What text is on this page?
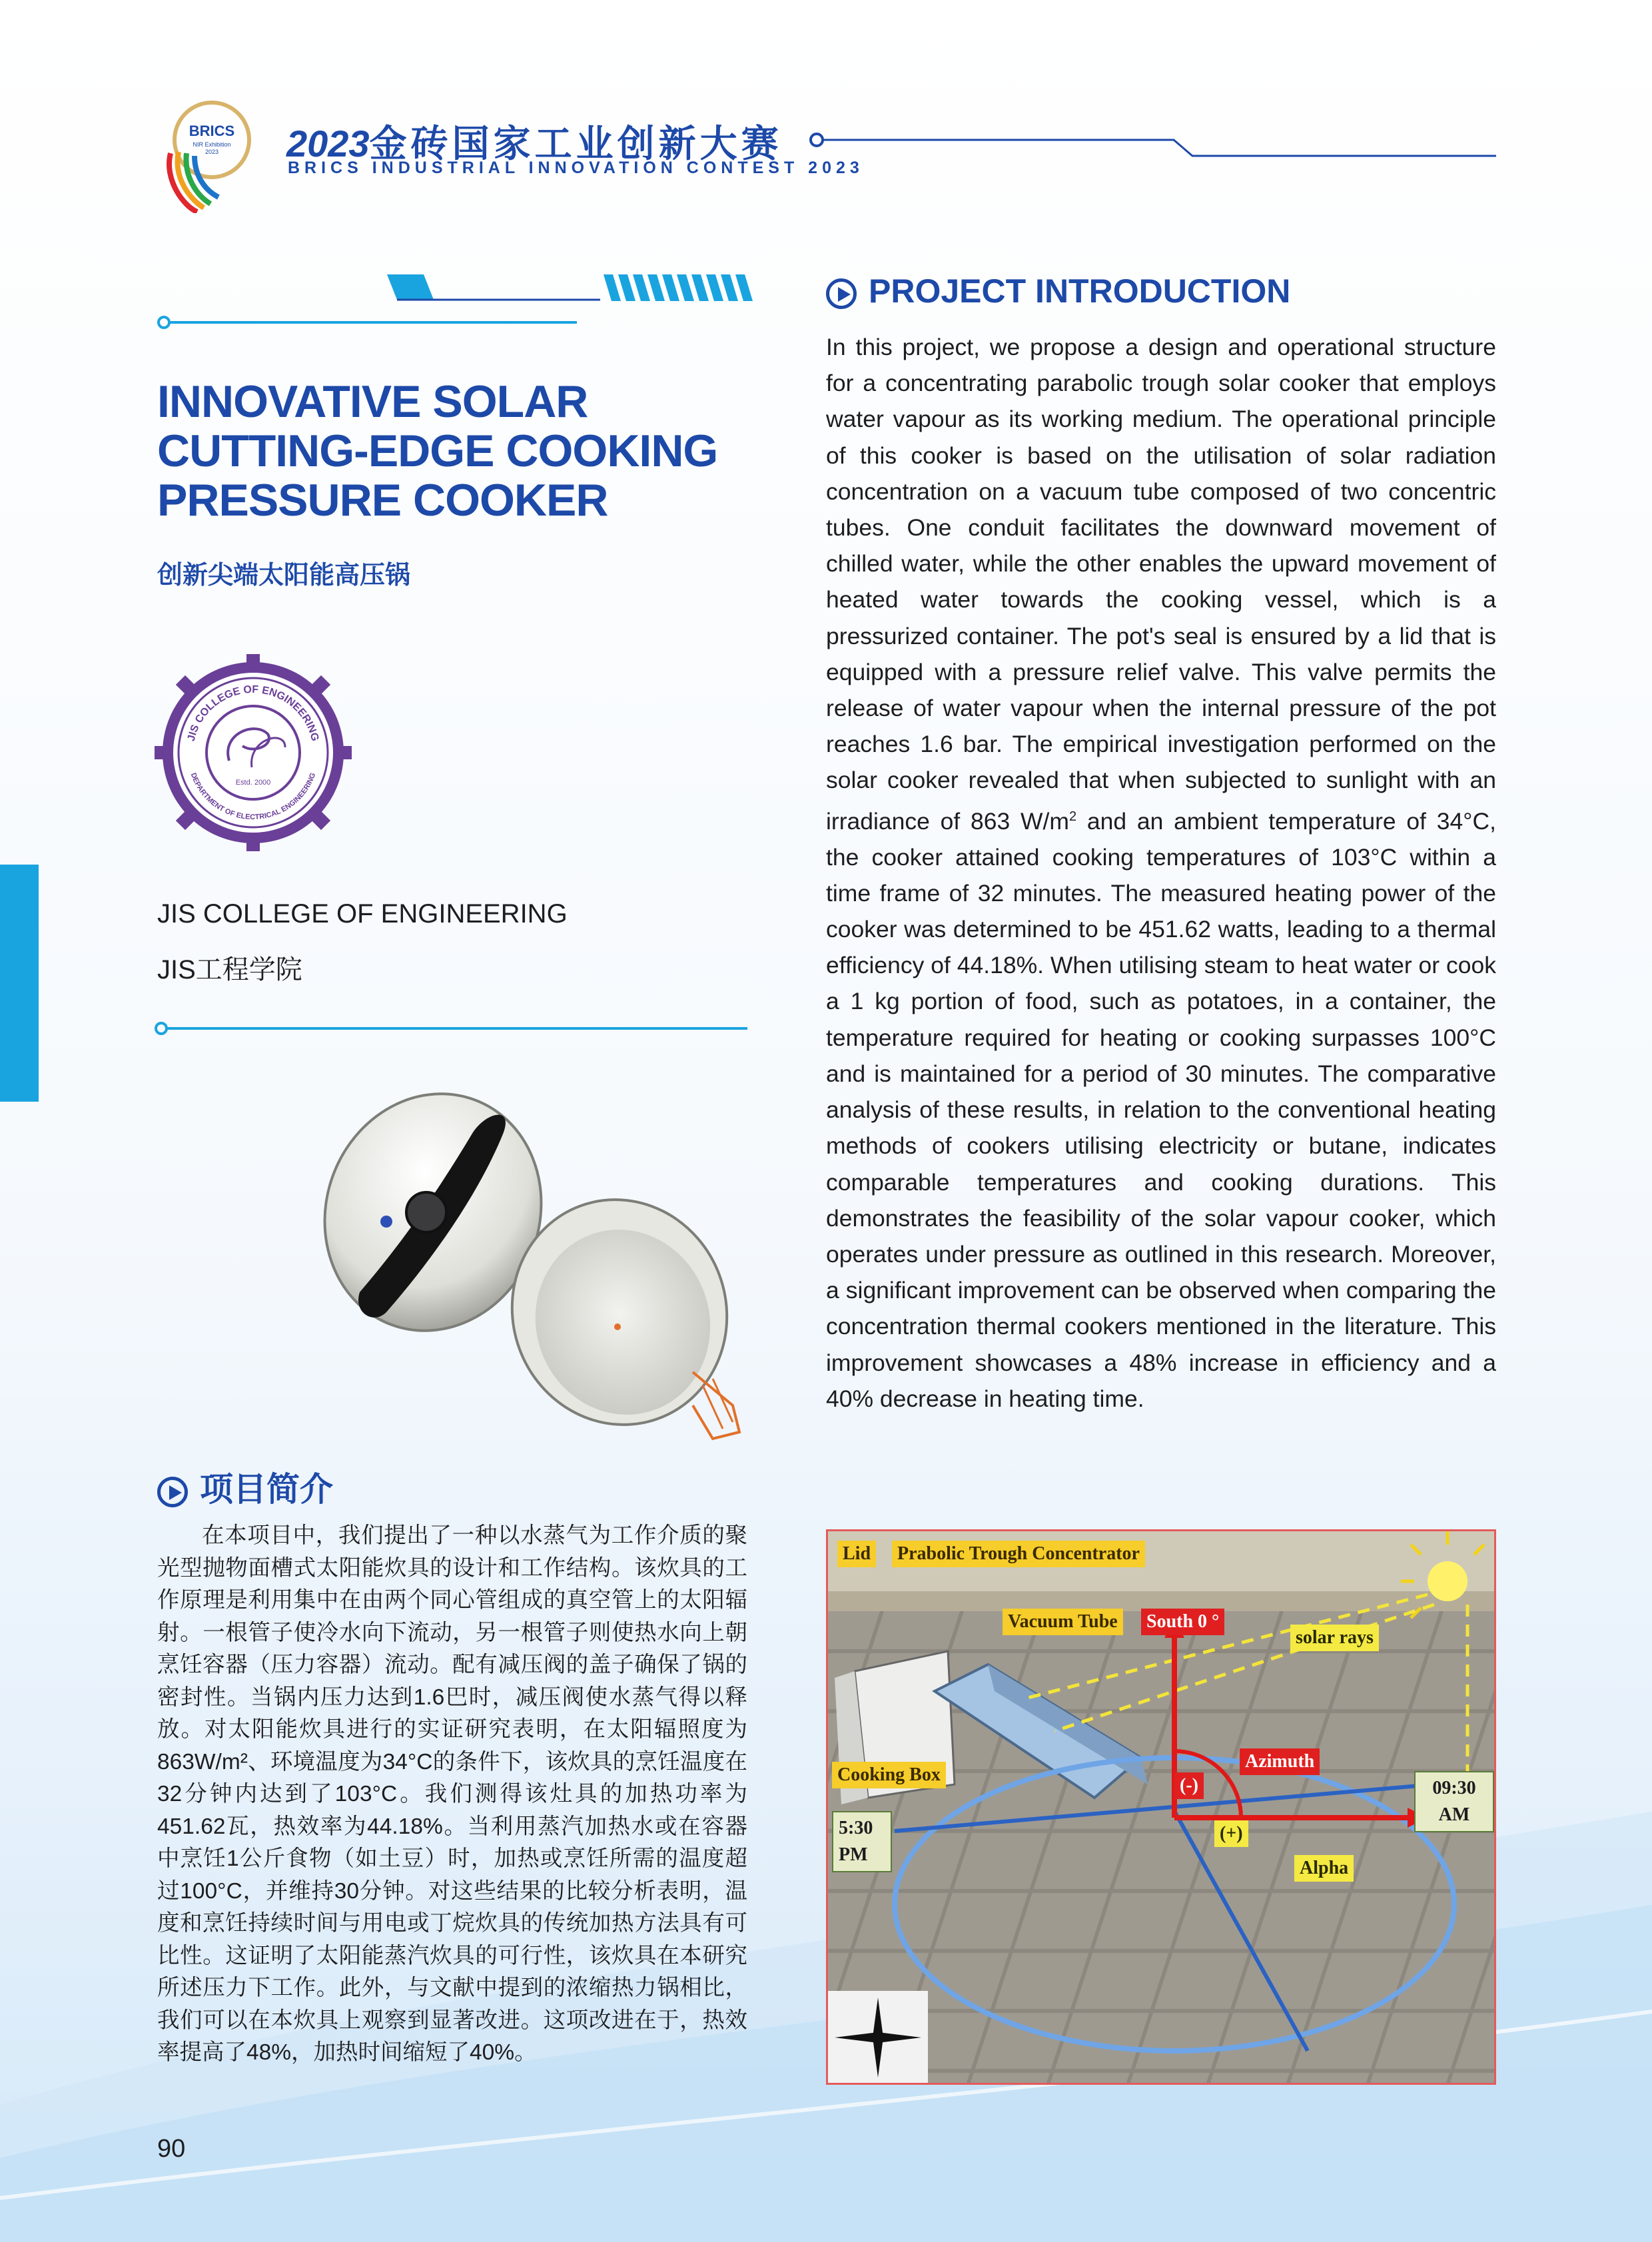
BRICS
NIR Exhibition
2023 2023金砖国家工业创新大赛
BRICS INDUSTRIAL INNOVATION CONTEST 2023
INNOVATIVE SOLAR
CUTTING-EDGE COOKING
PRESSURE COOKER
创新尖端太阳能高压锅
JIS COLLEGE OF ENGINEERING
DEPARTMENT OF ELECTRICAL ENGINEERING
Estd. 2000
JIS COLLEGE OF ENGINEERING
JIS工程学院
项目简介
在本项目中，我们提出了一种以水蒸气为工作介质的聚光型抛物面槽式太阳能炊具的设计和工作结构。该炊具的工作原理是利用集中在由两个同心管组成的真空管上的太阳辐射。一根管子使冷水向下流动，另一根管子则使热水向上朝烹饪容器（压力容器）流动。配有减压阀的盖子确保了锅的密封性。当锅内压力达到1.6巴时，减压阀使水蒸气得以释放。对太阳能炊具进行的实证研究表明，在太阳辐照度为863W/m²、环境温度为34°C的条件下，该炊具的烹饪温度在32分钟内达到了103°C。我们测得该灶具的加热功率为451.62瓦，热效率为44.18%。当利用蒸汽加热水或在容器中烹饪1公斤食物（如土豆）时，加热或烹饪所需的温度超过100°C，并维持30分钟。对这些结果的比较分析表明，温度和烹饪持续时间与用电或丁烷炊具的传统加热方法具有可比性。这证明了太阳能蒸汽炊具的可行性，该炊具在本研究所述压力下工作。此外，与文献中提到的浓缩热力锅相比，我们可以在本炊具上观察到显著改进。这项改进在于，热效率提高了48%，加热时间缩短了40%。
PROJECT INTRODUCTION
In this project, we propose a design and operational structure for a concentrating parabolic trough solar cooker that employs water vapour as its working medium. The operational principle of this cooker is based on the utilisation of solar radiation concentration on a vacuum tube composed of two concentric tubes. One conduit facilitates the downward movement of chilled water, while the other enables the upward movement of heated water towards the cooking vessel, which is a pressurized container. The pot's seal is ensured by a lid that is equipped with a pressure relief valve. This valve permits the release of water vapour when the internal pressure of the pot reaches 1.6 bar. The empirical investigation performed on the solar cooker revealed that when subjected to sunlight with an irradiance of 863 $W/m^2$ and an ambient temperature of 34°C, the cooker attained cooking temperatures of 103°C within a time frame of 32 minutes. The measured heating power of the cooker was determined to be 451.62 watts, leading to a thermal efficiency of 44.18%. When utilising steam to heat water or cook a 1 kg portion of food, such as potatoes, in a container, the temperature required for heating or cooking surpasses 100°C and is maintained for a period of 30 minutes. The comparative analysis of these results, in relation to the conventional heating methods of cookers utilising electricity or butane, indicates comparable temperatures and cooking durations. This demonstrates the feasibility of the solar vapour cooker, which operates under pressure as outlined in this research. Moreover, a significant improvement can be observed when comparing the concentration thermal cookers mentioned in the literature. This improvement showcases a 48% increase in efficiency and a 40% decrease in heating time.
Lid Prabolic Trough Concentrator
Vacuum Tube South 0 °
solar rays
Azimuth
Cooking Box
(-)
(+)
09:30 AM
5:30 PM
Alpha
90
